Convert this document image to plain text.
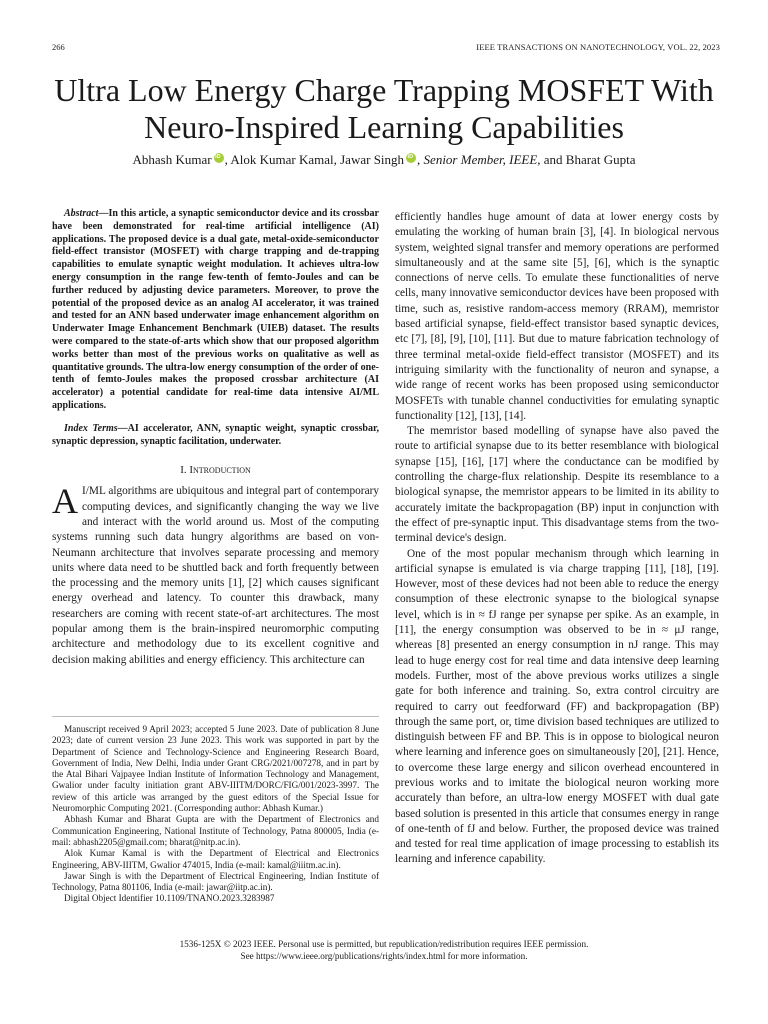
266	IEEE TRANSACTIONS ON NANOTECHNOLOGY, VOL. 22, 2023
Ultra Low Energy Charge Trapping MOSFET With
Neuro-Inspired Learning Capabilities
Abhash Kumar iD , Alok Kumar Kamal, Jawar Singh iD , Senior Member, IEEE, and Bharat Gupta

Abstract—In this article, a synaptic semiconductor device and its crossbar have been demonstrated for real-time artificial intelligence (AI) applications. The proposed device is a dual gate, metal-oxide-semiconductor field-effect transistor (MOSFET) with charge trapping and de-trapping capabilities to emulate synaptic weight modulation. It achieves ultra-low energy consumption in the range few-tenth of femto-Joules and can be further reduced by adjusting device parameters. Moreover, to prove the potential of the proposed device as an analog AI accelerator, it was trained and tested for an ANN based underwater image enhancement algorithm on Underwater Image Enhancement Benchmark (UIEB) dataset. The results were compared to the state-of-arts which show that our proposed algorithm works better than most of the previous works on qualitative as well as quantitative grounds. The ultra-low energy consumption of the order of one-tenth of femto-Joules makes the proposed crossbar architecture (AI accelerator) a potential candidate for real-time data intensive AI/ML applications.

Index Terms—AI accelerator, ANN, synaptic weight, synaptic crossbar, synaptic depression, synaptic facilitation, underwater.

I. Introduction

A I/ML algorithms are ubiquitous and integral part of contemporary computing devices, and significantly changing the way we live and interact with the world around us. Most of the computing systems running such data hungry algorithms are based on von-Neumann architecture that involves separate processing and memory units where data need to be shuttled back and forth frequently between the processing and the memory units [1], [2] which causes significant energy overhead and latency. To counter this drawback, many researchers are coming with recent state-of-art architectures. The most popular among them is the brain-inspired neuromorphic computing architecture and methodology due to its excellent cognitive and decision making abilities and energy efficiency. This architecture can

Manuscript received 9 April 2023; accepted 5 June 2023. Date of publication 8 June 2023; date of current version 23 June 2023. This work was supported in part by the Department of Science and Technology-Science and Engineering Research Board, Government of India, New Delhi, India under Grant CRG/2021/007278, and in part by the Atal Bihari Vajpayee Indian Institute of Information Technology and Management, Gwalior under faculty initiation grant ABV-IIITM/DORC/FIG/001/2023-3997. The review of this article was arranged by the guest editors of the Special Issue for Neuromorphic Computing 2021. (Corresponding author: Abhash Kumar.)

Abhash Kumar and Bharat Gupta are with the Department of Electronics and Communication Engineering, National Institute of Technology, Patna 800005, India (e-mail: abhash2205@gmail.com; bharat@nitp.ac.in).

Alok Kumar Kamal is with the Department of Electrical and Electronics Engineering, ABV-IIITM, Gwalior 474015, India (e-mail: kamal@iiitm.ac.in).

Jawar Singh is with the Department of Electrical Engineering, Indian Institute of Technology, Patna 801106, India (e-mail: jawar@iitp.ac.in).

Digital Object Identifier 10.1109/TNANO.2023.3283987

efficiently handles huge amount of data at lower energy costs by emulating the working of human brain [3], [4]. In biological nervous system, weighted signal transfer and memory operations are performed simultaneously and at the same site [5], [6], which is the synaptic connections of nerve cells. To emulate these functionalities of nerve cells, many innovative semiconductor devices have been proposed with time, such as, resistive random-access memory (RRAM), memristor based artificial synapse, field-effect transistor based synaptic devices, etc [7], [8], [9], [10], [11]. But due to mature fabrication technology of three terminal metal-oxide field-effect transistor (MOSFET) and its intriguing similarity with the functionality of neuron and synapse, a wide range of recent works has been proposed using semiconductor MOSFETs with tunable channel conductivities for emulating synaptic functionality [12], [13], [14].

The memristor based modelling of synapse have also paved the route to artificial synapse due to its better resemblance with biological synapse [15], [16], [17] where the conductance can be modified by controlling the charge-flux relationship. Despite its resemblance to a biological synapse, the memristor appears to be limited in its ability to accurately imitate the backpropagation (BP) input in conjunction with the effect of pre-synaptic input. This disadvantage stems from the two-terminal device's design.

One of the most popular mechanism through which learning in artificial synapse is emulated is via charge trapping [11], [18], [19]. However, most of these devices had not been able to reduce the energy consumption of these electronic synapse to the biological synapse level, which is in ≈ fJ range per synapse per spike. As an example, in [11], the energy consumption was observed to be in ≈ μJ range, whereas [8] presented an energy consumption in nJ range. This may lead to huge energy cost for real time and data intensive deep learning models. Further, most of the above previous works utilizes a single gate for both inference and training. So, extra control circuitry are required to carry out feedforward (FF) and backpropagation (BP) through the same port, or, time division based techniques are utilized to distinguish between FF and BP. This is in oppose to biological neuron where learning and inference goes on simultaneously [20], [21]. Hence, to overcome these large energy and silicon overhead encountered in previous works and to imitate the biological neuron working more accurately than before, an ultra-low energy MOSFET with dual gate based solution is presented in this article that consumes energy in range of one-tenth of fJ and below. Further, the proposed device was trained and tested for real time application of image processing to establish its learning and inference capability.

1536-125X © 2023 IEEE. Personal use is permitted, but republication/redistribution requires IEEE permission.
See https://www.ieee.org/publications/rights/index.html for more information.
